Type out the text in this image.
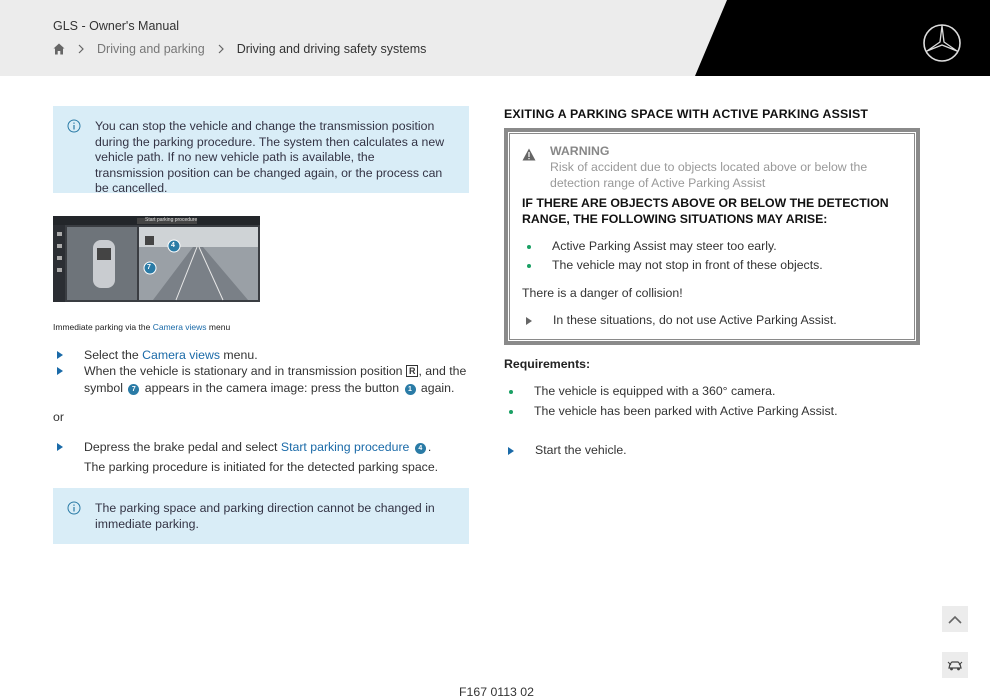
GLS - Owner's Manual
Driving and parking	Driving and driving safety systems
You can stop the vehicle and change the transmission position during the parking procedure. The system then calculates a new vehicle path. If no new vehicle path is available, the transmission position can be changed again, or the process can be cancelled.
Start parking procedure
4
7
Immediate parking via the Camera views menu
Select the Camera views menu.
When the vehicle is stationary and in transmission position R , and the
symbol 7 appears in the camera image: press the button 1 again.
or
Depress the brake pedal and select Start parking procedure 4 .
The parking procedure is initiated for the detected parking space.
The parking space and parking direction cannot be changed in immediate parking.
EXITING A PARKING SPACE WITH ACTIVE PARKING ASSIST
WARNING
Risk of accident due to objects located above or below the detection range of Active Parking Assist
IF THERE ARE OBJECTS ABOVE OR BELOW THE DETECTION RANGE, THE FOLLOWING SITUATIONS MAY ARISE:
Active Parking Assist may steer too early.
The vehicle may not stop in front of these objects.
There is a danger of collision!
In these situations, do not use Active Parking Assist.
Requirements:
The vehicle is equipped with a 360° camera.
The vehicle has been parked with Active Parking Assist.
Start the vehicle.
F167 0113 02
